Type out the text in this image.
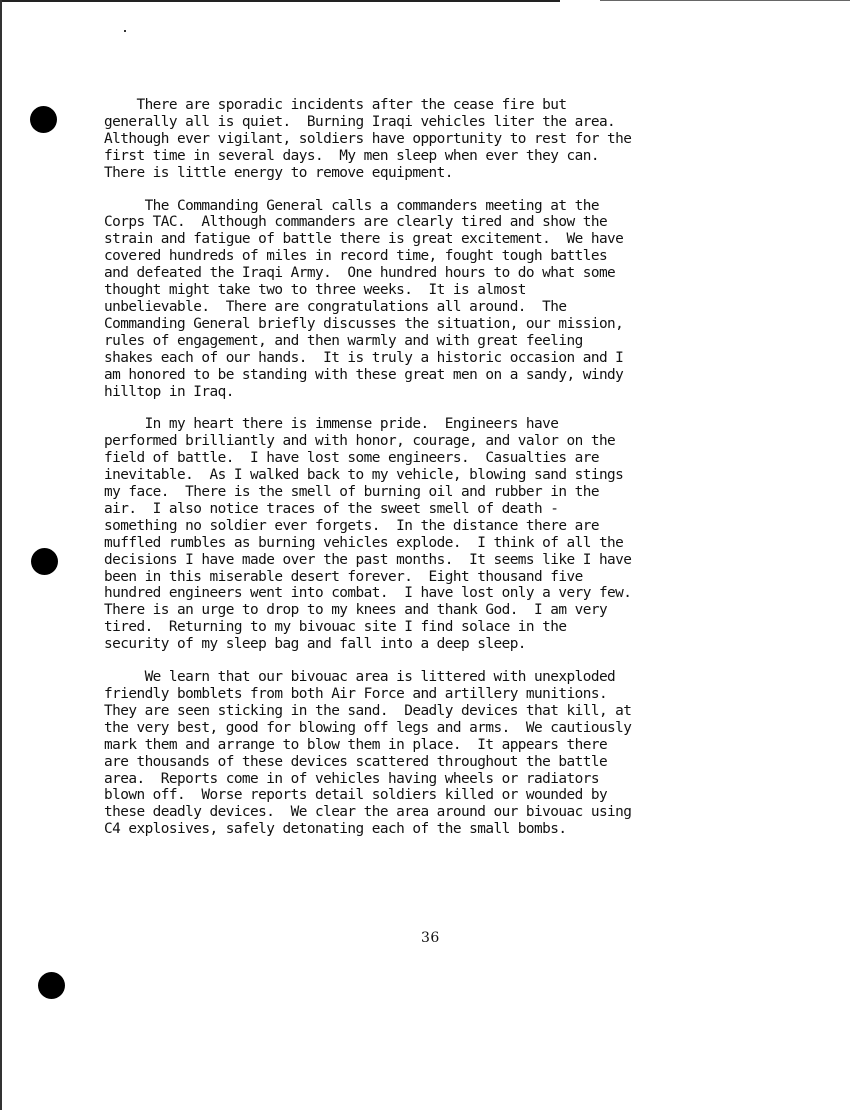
There are sporadic incidents after the cease fire but
generally all is quiet.  Burning Iraqi vehicles liter the area.
Although ever vigilant, soldiers have opportunity to rest for the
first time in several days.  My men sleep when ever they can.
There is little energy to remove equipment.
The Commanding General calls a commanders meeting at the
Corps TAC.  Although commanders are clearly tired and show the
strain and fatigue of battle there is great excitement.  We have
covered hundreds of miles in record time, fought tough battles
and defeated the Iraqi Army.  One hundred hours to do what some
thought might take two to three weeks.  It is almost
unbelievable.  There are congratulations all around.  The
Commanding General briefly discusses the situation, our mission,
rules of engagement, and then warmly and with great feeling
shakes each of our hands.  It is truly a historic occasion and I
am honored to be standing with these great men on a sandy, windy
hilltop in Iraq.
In my heart there is immense pride.  Engineers have
performed brilliantly and with honor, courage, and valor on the
field of battle.  I have lost some engineers.  Casualties are
inevitable.  As I walked back to my vehicle, blowing sand stings
my face.  There is the smell of burning oil and rubber in the
air.  I also notice traces of the sweet smell of death -
something no soldier ever forgets.  In the distance there are
muffled rumbles as burning vehicles explode.  I think of all the
decisions I have made over the past months.  It seems like I have
been in this miserable desert forever.  Eight thousand five
hundred engineers went into combat.  I have lost only a very few.
There is an urge to drop to my knees and thank God.  I am very
tired.  Returning to my bivouac site I find solace in the
security of my sleep bag and fall into a deep sleep.
We learn that our bivouac area is littered with unexploded
friendly bomblets from both Air Force and artillery munitions.
They are seen sticking in the sand.  Deadly devices that kill, at
the very best, good for blowing off legs and arms.  We cautiously
mark them and arrange to blow them in place.  It appears there
are thousands of these devices scattered throughout the battle
area.  Reports come in of vehicles having wheels or radiators
blown off.  Worse reports detail soldiers killed or wounded by
these deadly devices.  We clear the area around our bivouac using
C4 explosives, safely detonating each of the small bombs.
36
